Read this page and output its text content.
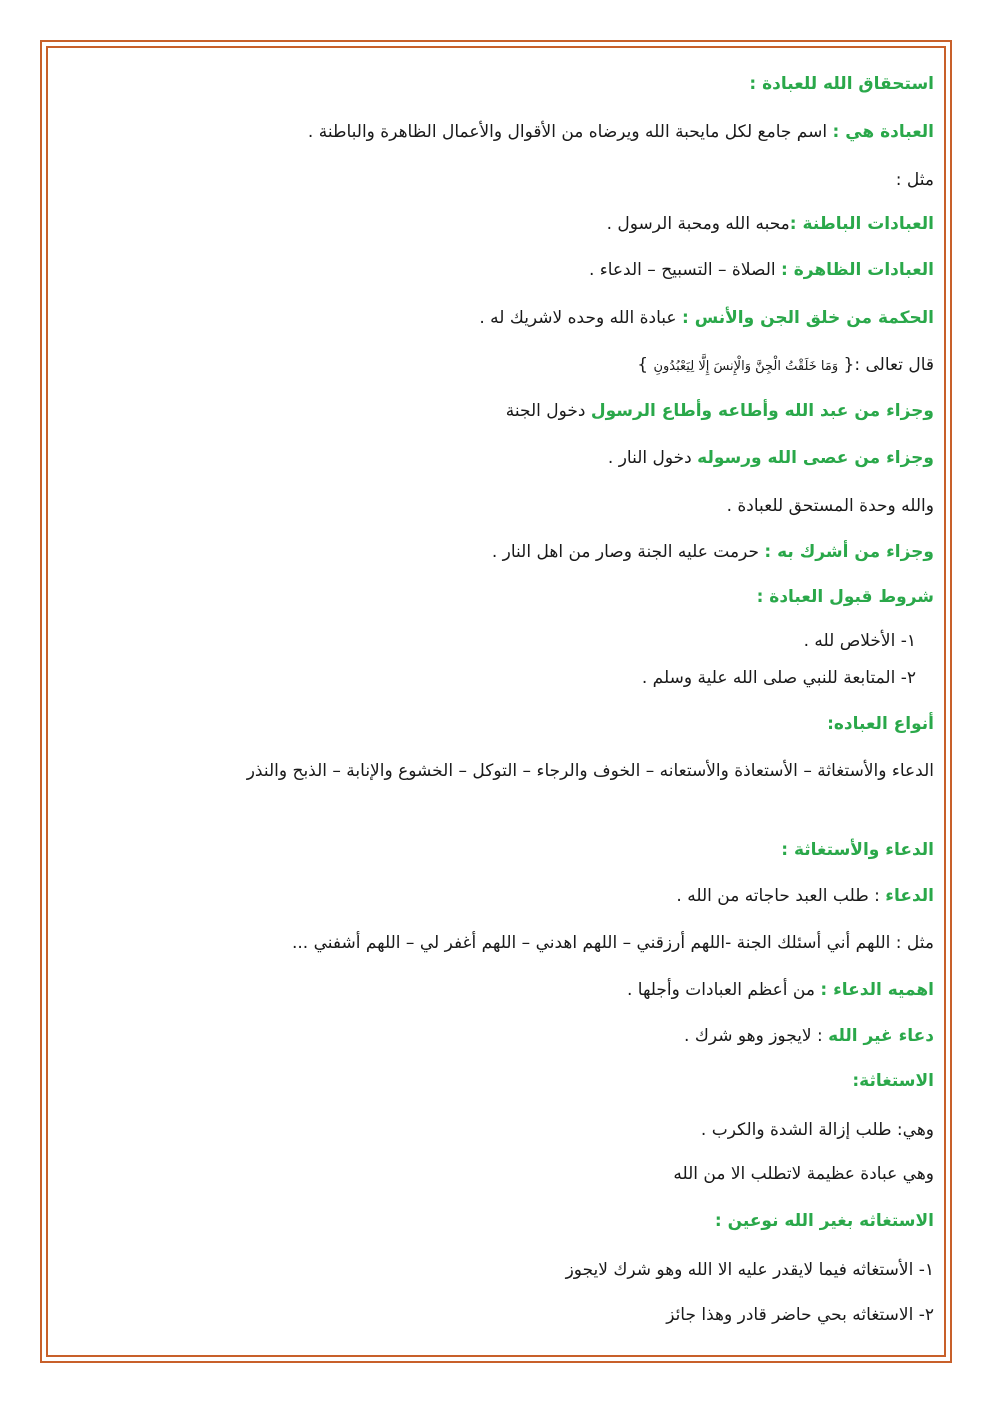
استحقاق الله للعبادة :
العبادة هي : اسم جامع لكل مايحبة الله ويرضاه من الأقوال والأعمال الظاهرة والباطنة .
مثل :
العبادات الباطنة :محبه الله ومحبة الرسول .
العبادات الظاهرة : الصلاة – التسبيح – الدعاء .
الحكمة من خلق الجن والأنس : عبادة الله وحده لاشريك له .
قال تعالى :{ وَمَا خَلَقْتُ الْجِنَّ وَالْإِنسَ إِلَّا لِيَعْبُدُونِ }
وجزاء من عبد الله وأطاعه وأطاع الرسول دخول الجنة
وجزاء من عصى الله ورسوله دخول النار .
والله وحدة المستحق للعبادة .
وجزاء من أشرك به : حرمت عليه الجنة وصار من اهل النار .
شروط قبول العبادة :
١- الأخلاص لله .
٢- المتابعة للنبي صلى الله علية وسلم .
أنواع العباده:
الدعاء والأستغاثة – الأستعاذة والأستعانه – الخوف والرجاء – التوكل – الخشوع والإنابة – الذبح والنذر
الدعاء والأستغاثة :
الدعاء : طلب العبد حاجاته من الله .
مثل : اللهم أني أسئلك الجنة -اللهم أرزقني – اللهم اهدني – اللهم أغفر لي – اللهم أشفني ...
اهميه الدعاء : من أعظم العبادات وأجلها .
دعاء غير الله : لايجوز وهو شرك .
الاستغاثة:
وهي: طلب إزالة الشدة والكرب .
وهي عبادة عظيمة لاتطلب الا من الله
الاستغاثه بغير الله نوعين :
١- الأستغاثه فيما لايقدر عليه الا الله وهو شرك لايجوز
٢- الاستغاثه بحي حاضر قادر وهذا جائز
